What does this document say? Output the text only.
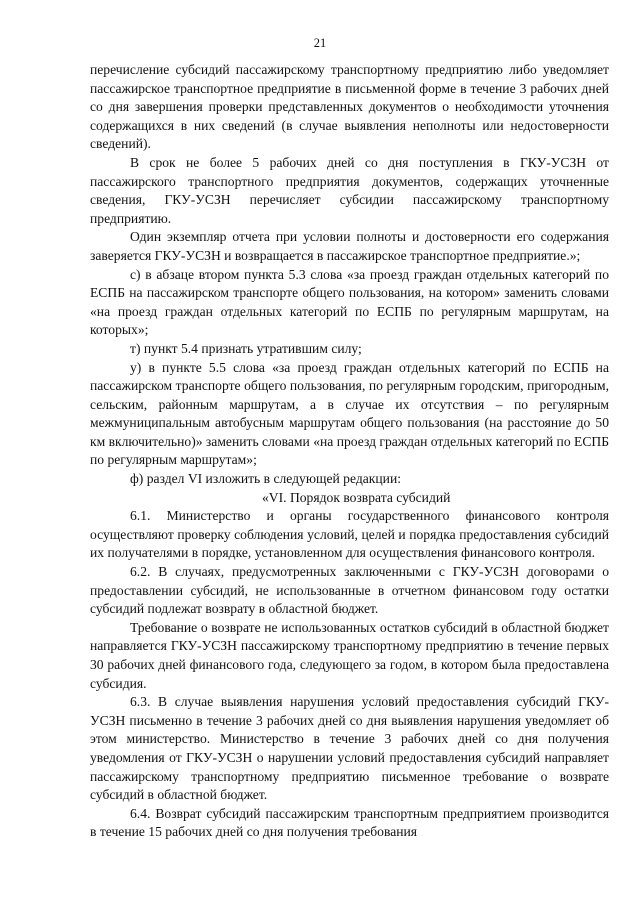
21

перечисление субсидий пассажирскому транспортному предприятию либо уведомляет пассажирское транспортное предприятие в письменной форме в течение 3 рабочих дней со дня завершения проверки представленных документов о необходимости уточнения содержащихся в них сведений (в случае выявления неполноты или недостоверности сведений).

В срок не более 5 рабочих дней со дня поступления в ГКУ-УСЗН от пассажирского транспортного предприятия документов, содержащих уточненные сведения, ГКУ-УСЗН перечисляет субсидии пассажирскому транспортному предприятию.

Один экземпляр отчета при условии полноты и достоверности его содержания заверяется ГКУ-УСЗН и возвращается в пассажирское транспортное предприятие.»;

с) в абзаце втором пункта 5.3 слова «за проезд граждан отдельных категорий по ЕСПБ на пассажирском транспорте общего пользования, на котором» заменить словами «на проезд граждан отдельных категорий по ЕСПБ по регулярным маршрутам, на которых»;

т) пункт 5.4 признать утратившим силу;

у) в пункте 5.5 слова «за проезд граждан отдельных категорий по ЕСПБ на пассажирском транспорте общего пользования, по регулярным городским, пригородным, сельским, районным маршрутам, а в случае их отсутствия – по регулярным межмуниципальным автобусным маршрутам общего пользования (на расстояние до 50 км включительно)» заменить словами «на проезд граждан отдельных категорий по ЕСПБ по регулярным маршрутам»;

ф) раздел VI изложить в следующей редакции:

«VI. Порядок возврата субсидий

6.1. Министерство и органы государственного финансового контроля осуществляют проверку соблюдения условий, целей и порядка предоставления субсидий их получателями в порядке, установленном для осуществления финансового контроля.

6.2. В случаях, предусмотренных заключенными с ГКУ-УСЗН договорами о предоставлении субсидий, не использованные в отчетном финансовом году остатки субсидий подлежат возврату в областной бюджет.

Требование о возврате не использованных остатков субсидий в областной бюджет направляется ГКУ-УСЗН пассажирскому транспортному предприятию в течение первых 30 рабочих дней финансового года, следующего за годом, в котором была предоставлена субсидия.

6.3. В случае выявления нарушения условий предоставления субсидий ГКУ-УСЗН письменно в течение 3 рабочих дней со дня выявления нарушения уведомляет об этом министерство. Министерство в течение 3 рабочих дней со дня получения уведомления от ГКУ-УСЗН о нарушении условий предоставления субсидий направляет пассажирскому транспортному предприятию письменное требование о возврате субсидий в областной бюджет.

6.4. Возврат субсидий пассажирским транспортным предприятием производится в течение 15 рабочих дней со дня получения требования
